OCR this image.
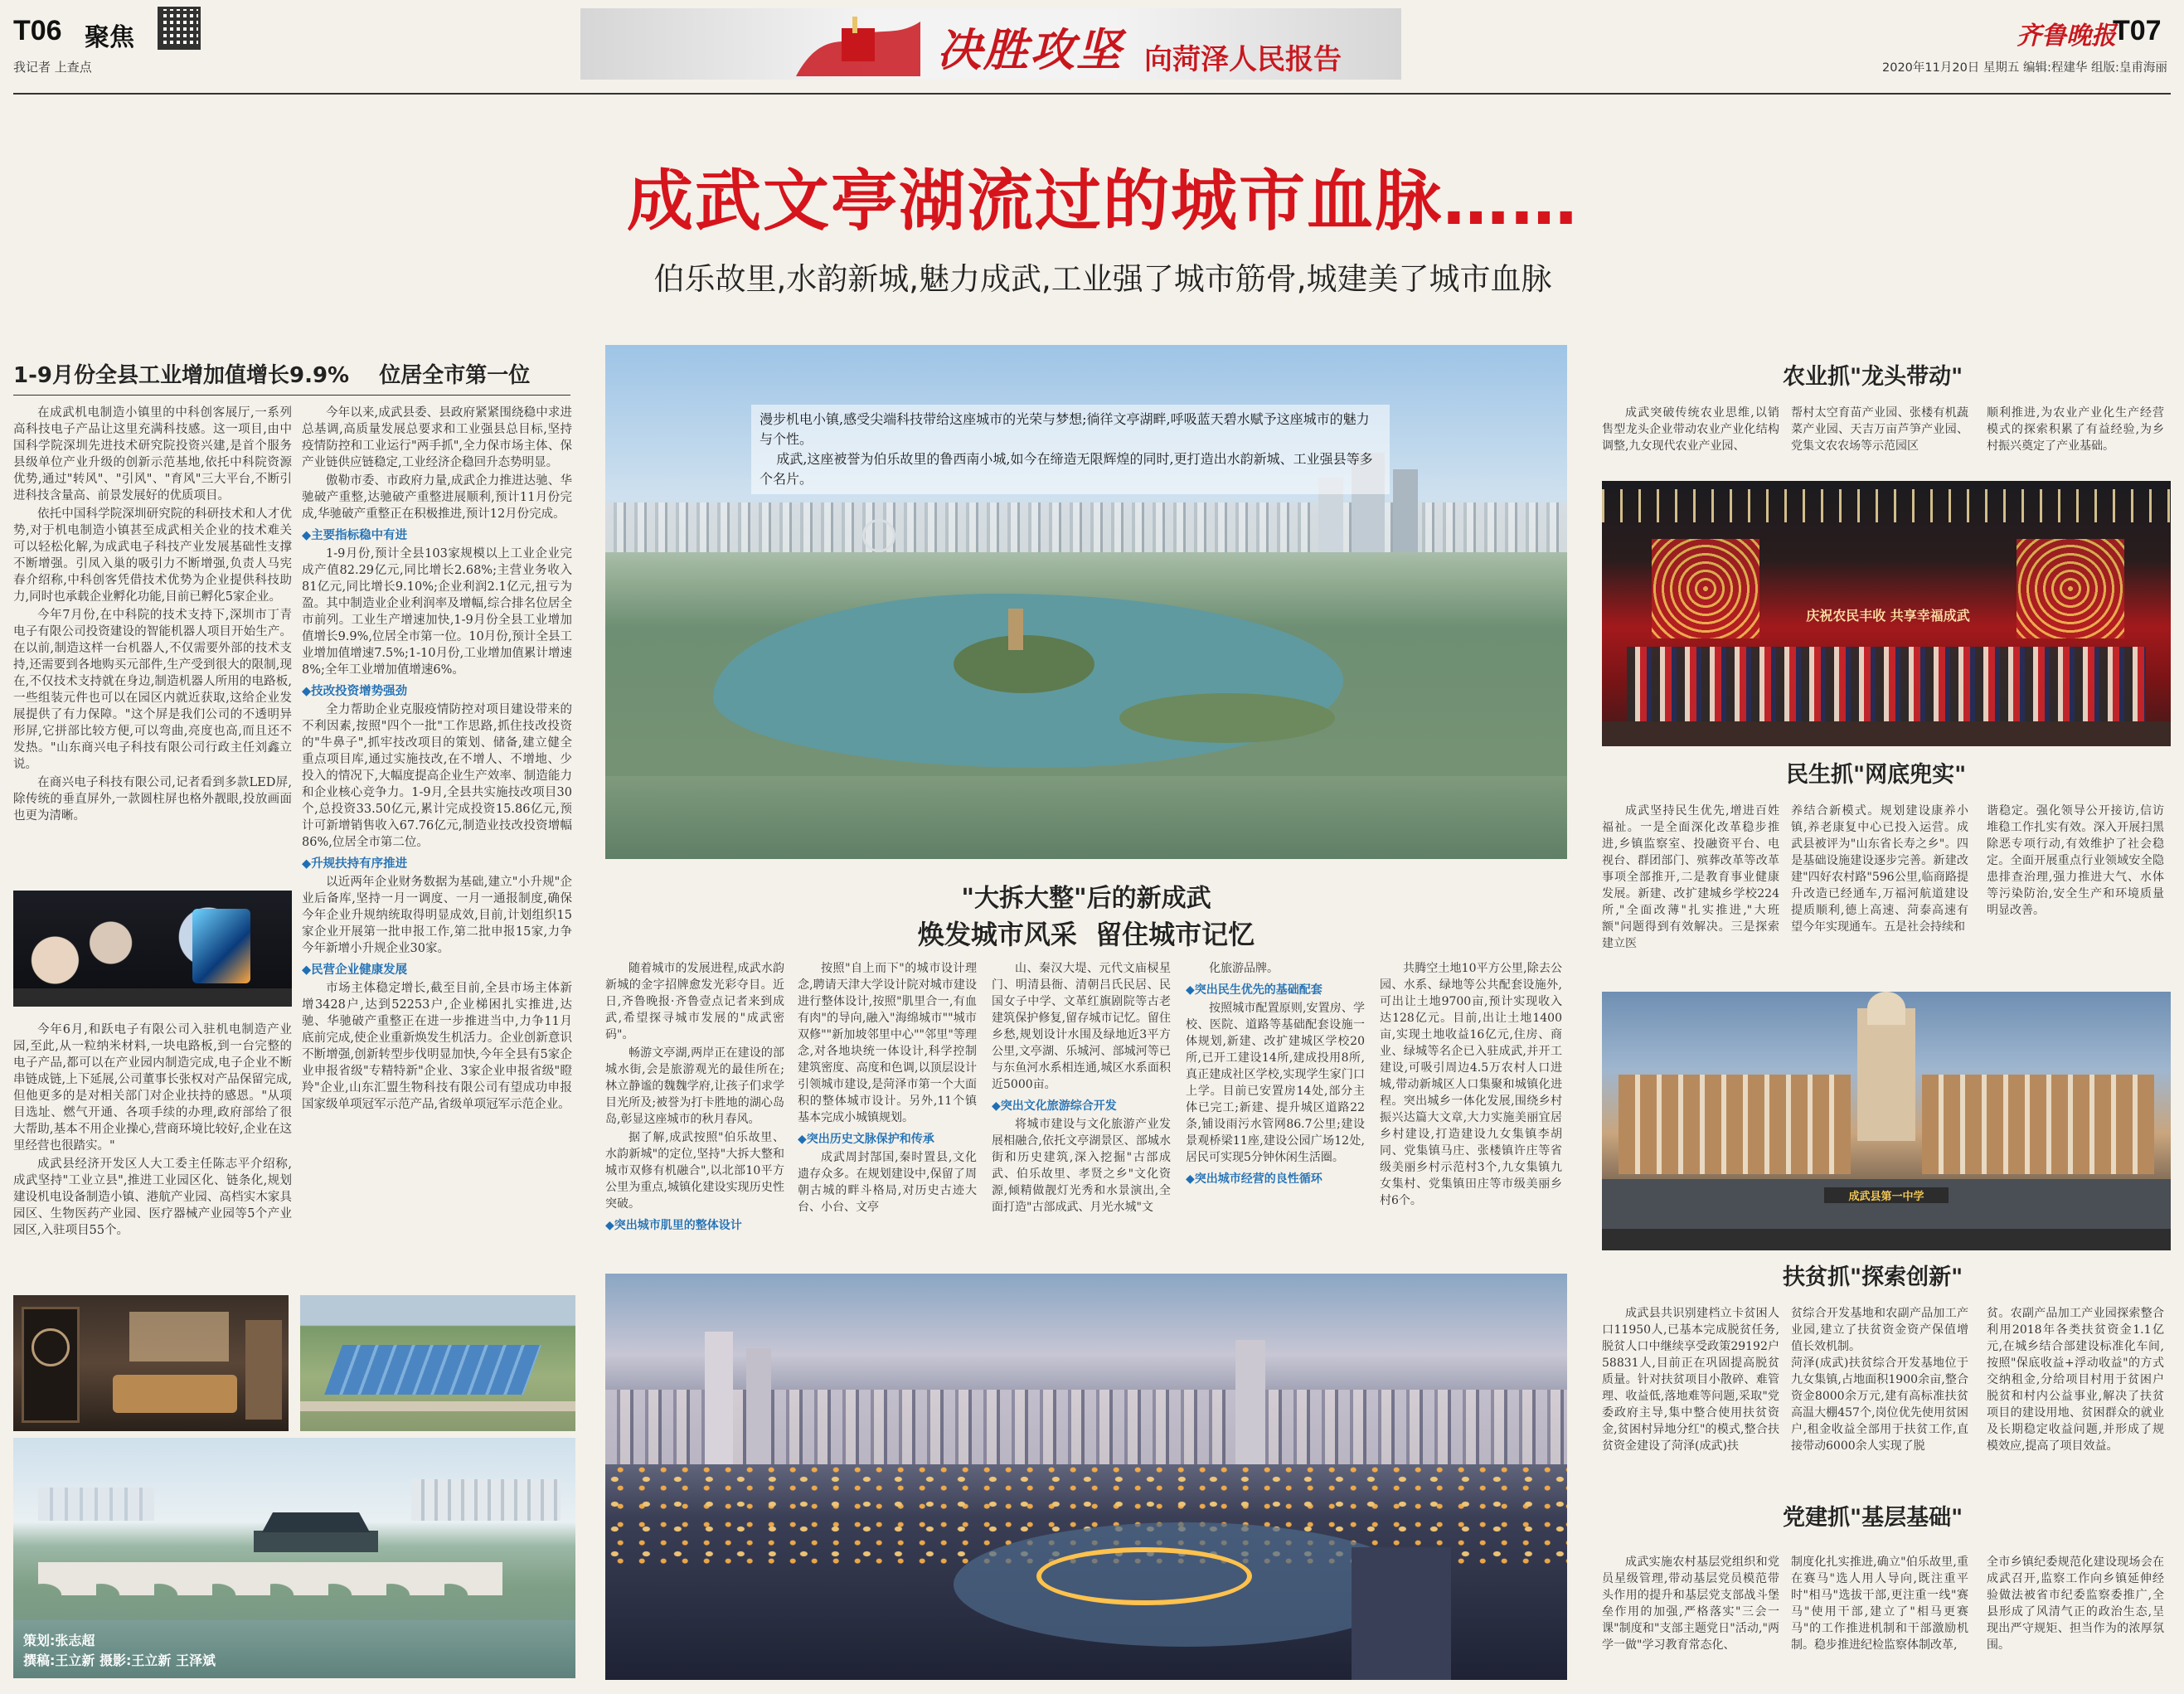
T06 聚焦
我记者 上查点	决胜攻坚 向菏泽人民报告
齐鲁晚报
T07
2020年11月20日 星期五 编辑:程建华 组版:皇甫海丽
成武文亭湖流过的城市血脉……
伯乐故里,水韵新城,魅力成武,工业强了城市筋骨,城建美了城市血脉
1-9月份全县工业增加值增长9.9%    位居全市第一位

在成武机电制造小镇里的中科创客展厅,一系列高科技电子产品让这里充满科技感。这一项目,由中国科学院深圳先进技术研究院投资兴建,是首个服务县级单位产业升级的创新示范基地,依托中科院资源优势,通过"转风"、"引风"、"育风"三大平台,不断引进科技含量高、前景发展好的优质项目。

依托中国科学院深圳研究院的科研技术和人才优势,对于机电制造小镇甚至成武相关企业的技术难关可以轻松化解,为成武电子科技产业发展基础性支撑不断增强。引凤入巢的吸引力不断增强,负责人马宪春介绍称,中科创客凭借技术优势为企业提供科技助力,同时也承载企业孵化功能,目前已孵化5家企业。

今年7月份,在中科院的技术支持下,深圳市丁青电子有限公司投资建设的智能机器人项目开始生产。在以前,制造这样一台机器人,不仅需要外部的技术支持,还需要到各地购买元部件,生产受到很大的限制,现在,不仅技术支持就在身边,制造机器人所用的电路板,一些组装元件也可以在园区内就近获取,这给企业发展提供了有力保障。"这个屏是我们公司的不透明异形屏,它拼部比较方便,可以弯曲,亮度也高,而且还不发热。"山东商兴电子科技有限公司行政主任刘鑫立说。

在商兴电子科技有限公司,记者看到多款LED屏,除传统的垂直屏外,一款圆柱屏也格外靓眼,投放画面也更为清晰。

今年6月,和跃电子有限公司入驻机电制造产业园,至此,从一粒纳米材料,一块电路板,到一台完整的电子产品,都可以在产业园内制造完成,电子企业不断串链成链,上下延展,公司董事长张权对产品保留完成,但他更多的是对相关部门对企业扶持的感恩。"从项目选址、燃气开通、各项手续的办理,政府部给了很大帮助,基本不用企业操心,营商环境比较好,企业在这里经营也很踏实。"

成武县经济开发区人大工委主任陈志平介绍称,成武坚持"工业立县",推进工业园区化、链条化,规划建设机电设备制造小镇、港航产业园、高档实木家具园区、生物医药产业园、医疗器械产业园等5个产业园区,入驻项目55个。

今年以来,成武县委、县政府紧紧围绕稳中求进总基调,高质量发展总要求和工业强县总目标,坚持疫情防控和工业运行"两手抓",全力保市场主体、保产业链供应链稳定,工业经济企稳回升态势明显。

傲勒市委、市政府力量,成武企力推进达驰、华驰破产重整,达驰破产重整进展顺利,预计11月份完成,华驰破产重整正在积极推进,预计12月份完成。

◆主要指标稳中有进

1-9月份,预计全县103家规模以上工业企业完成产值82.29亿元,同比增长2.68%;主营业务收入81亿元,同比增长9.10%;企业利润2.1亿元,扭亏为盈。其中制造业企业利润率及增幅,综合排名位居全市前列。工业生产增速加快,1-9月份全县工业增加值增长9.9%,位居全市第一位。10月份,预计全县工业增加值增速7.5%;1-10月份,工业增加值累计增速8%;全年工业增加值增速6%。

◆技改投资增势强劲

全力帮助企业克服疫情防控对项目建设带来的不利因素,按照"四个一批"工作思路,抓住技改投资的"牛鼻子",抓牢技改项目的策划、储备,建立健全重点项目库,通过实施技改,在不增人、不增地、少投入的情况下,大幅度提高企业生产效率、制造能力和企业核心竞争力。1-9月,全县共实施技改项目30个,总投资33.50亿元,累计完成投资15.86亿元,预计可新增销售收入67.76亿元,制造业技改投资增幅86%,位居全市第二位。

◆升规扶持有序推进

以近两年企业财务数据为基础,建立"小升规"企业后备库,坚持一月一调度、一月一通报制度,确保今年企业升规纳统取得明显成效,目前,计划组织15家企业开展第一批申报工作,第二批申报15家,力争今年新增小升规企业30家。

◆民营企业健康发展

市场主体稳定增长,截至目前,全县市场主体新增3428户,达到52253户,企业梯困扎实推进,达驰、华驰破产重整正在进一步推进当中,力争11月底前完成,使企业重新焕发生机活力。企业创新意识不断增强,创新转型步伐明显加快,今年全县有5家企业申报省级"专精特新"企业、3家企业申报省级"瞪羚"企业,山东汇盟生物科技有限公司有望成功申报国家级单项冠军示范产品,省级单项冠军示范企业。

策划:张志超
撰稿:王立新 摄影:王立新 王泽斌
漫步机电小镇,感受尖端科技带给这座城市的光荣与梦想;徜徉文亭湖畔,呼吸蓝天碧水赋予这座城市的魅力与个性。
成武,这座被誉为伯乐故里的鲁西南小城,如今在缔造无限辉煌的同时,更打造出水韵新城、工业强县等多个名片。
"大拆大整"后的新成武
焕发城市风采  留住城市记忆

随着城市的发展进程,成武水韵新城的金字招牌愈发光彩夺目。近日,齐鲁晚报·齐鲁壹点记者来到成武,希望探寻城市发展的"成武密码"。

畅游文亭湖,两岸正在建设的部城水街,会是旅游观光的最佳所在;林立静谧的魏魏学府,让孩子们求学目光所及;被誉为打卡胜地的湖心岛岛,彰显这座城市的秋月春风。

据了解,成武按照"伯乐故里、水韵新城"的定位,坚持"大拆大整和城市双修有机融合",以北部10平方公里为重点,城镇化建设实现历史性突破。

◆突出城市肌里的整体设计

按照"自上而下"的城市设计理念,聘请天津大学设计院对城市建设进行整体设计,按照"肌里合一,有血有肉"的导向,融入"海绵城市""城市双修""新加坡邻里中心""邻里"等理念,对各地块统一体设计,科学控制建筑密度、高度和色调,以顶层设计引领城市建设,是菏泽市第一个大面积的整体城市设计。另外,11个镇基本完成小城镇规划。

◆突出历史文脉保护和传承

成武周封郜国,秦时置县,文化遗存众多。在规划建设中,保留了周朝古城的畔斗格局,对历史古迹大台、小台、文亭

山、秦汉大堤、元代文庙棂星门、明清县衙、清朝吕氏民居、民国女子中学、文革红旗剧院等古老建筑保护修复,留存城市记忆。留住乡愁,规划设计水围及绿地近3平方公里,文亭湖、乐城河、部城河等已与东鱼河水系相连通,城区水系面积近5000亩。

◆突出文化旅游综合开发

将城市建设与文化旅游产业发展相融合,依托文亭湖景区、部城水街和历史建筑,深入挖掘"古部成武、伯乐故里、孝贤之乡"文化资源,倾精做靓灯光秀和水景演出,全面打造"古部成武、月光水城"文

化旅游品牌。

◆突出民生优先的基础配套

按照城市配置原则,安置房、学校、医院、道路等基础配套设施一体规划,新建、改扩建城区学校20所,已开工建设14所,建成投用8所,真正建成社区学校,实现学生家门口上学。目前已安置房14处,部分主体已完工;新建、提升城区道路22条,铺设雨污水管网86.7公里;建设景观桥梁11座,建设公园广场12处,居民可实现5分钟休闲生活圈。

◆突出城市经营的良性循环

共腾空土地10平方公里,除去公园、水系、绿地等公共配套设施外,可出让土地9700亩,预计实现收入达128亿元。目前,出让土地1400亩,实现土地收益16亿元,住房、商业、绿城等名企已入驻成武,并开工建设,可吸引周边4.5万农村人口进城,带动新城区人口集聚和城镇化进程。突出城乡一体化发展,围绕乡村振兴达篇大文章,大力实施美丽宜居乡村建设,打造建设九女集镇李胡同、党集镇马庄、张楼镇许庄等省级美丽乡村示范村3个,九女集镇九女集村、党集镇田庄等市级美丽乡村6个。

农业抓"龙头带动"

成武突破传统农业思维,以销售型龙头企业带动农业产业化结构调整,九女现代农业产业园、

帮村太空育苗产业园、张楼有机蔬菜产业园、天吉万亩芦笋产业园、党集文农农场等示范园区

顺利推进,为农业产业化生产经营模式的探索积累了有益经验,为乡村振兴奠定了产业基础。

庆祝农民丰收 共享幸福成武
民生抓"网底兜实"

成武坚持民生优先,增进百姓福祉。一是全面深化改革稳步推进,乡镇监察室、投融资平台、电视台、群团部门、殡葬改革等改革事项全部推开,二是教育事业健康发展。新建、改扩建城乡学校224所,"全面改薄"扎实推进,"大班额"问题得到有效解决。三是探索建立医

养结合新模式。规划建设康养小镇,养老康复中心已投入运营。成武县被评为"山东省长寿之乡"。四是基础设施建设逐步完善。新建改建"四好农村路"596公里,临商路提升改造已经通车,万福河航道建设提质顺利,德上高速、菏泰高速有望今年实现通车。五是社会持续和

谐稳定。强化领导公开接访,信访堆稳工作扎实有效。深入开展扫黑除恶专项行动,有效维护了社会稳定。全面开展重点行业领域安全隐患排查治理,强力推进大气、水体等污染防治,安全生产和环境质量明显改善。

成武县第一中学
扶贫抓"探索创新"

成武县共识别建档立卡贫困人口11950人,已基本完成脱贫任务,脱贫人口中继续享受政策29192户58831人,目前正在巩固提高脱贫质量。针对扶贫项目小散碎、难管理、收益低,落地难等问题,采取"党委政府主导,集中整合使用扶贫资金,贫困村异地分红"的模式,整合扶贫资金建设了菏泽(成武)扶

贫综合开发基地和农副产品加工产业园,建立了扶贫资金资产保值增值长效机制。
菏泽(成武)扶贫综合开发基地位于九女集镇,占地面积1900余亩,整合资金8000余万元,建有高标准扶贫高温大棚457个,岗位优先使用贫困户,租金收益全部用于扶贫工作,直接带动6000余人实现了脱

贫。农副产品加工产业园探索整合利用2018年各类扶贫资金1.1亿元,在城乡结合部建设标准化车间,按照"保底收益+浮动收益"的方式交纳租金,分给项目村用于贫困户脱贫和村内公益事业,解决了扶贫项目的建设用地、贫困群众的就业及长期稳定收益问题,并形成了规模效应,提高了项目效益。

党建抓"基层基础"

成武实施农村基层党组织和党员星级管理,带动基层党员模范带头作用的提升和基层党支部战斗堡垒作用的加强,严格落实"三会一课"制度和"支部主题党日"活动,"两学一做"学习教育常态化、

制度化扎实推进,确立"伯乐故里,重在赛马"选人用人导向,既注重平时"相马"选拔干部,更注重一线"赛马"使用干部,建立了"相马更赛马"的工作推进机制和干部激励机制。稳步推进纪检监察体制改革,

全市乡镇纪委规范化建设现场会在成武召开,监察工作向乡镇延伸经验做法被省市纪委监察委推广,全县形成了风清气正的政治生态,呈现出严守规矩、担当作为的浓厚氛围。
